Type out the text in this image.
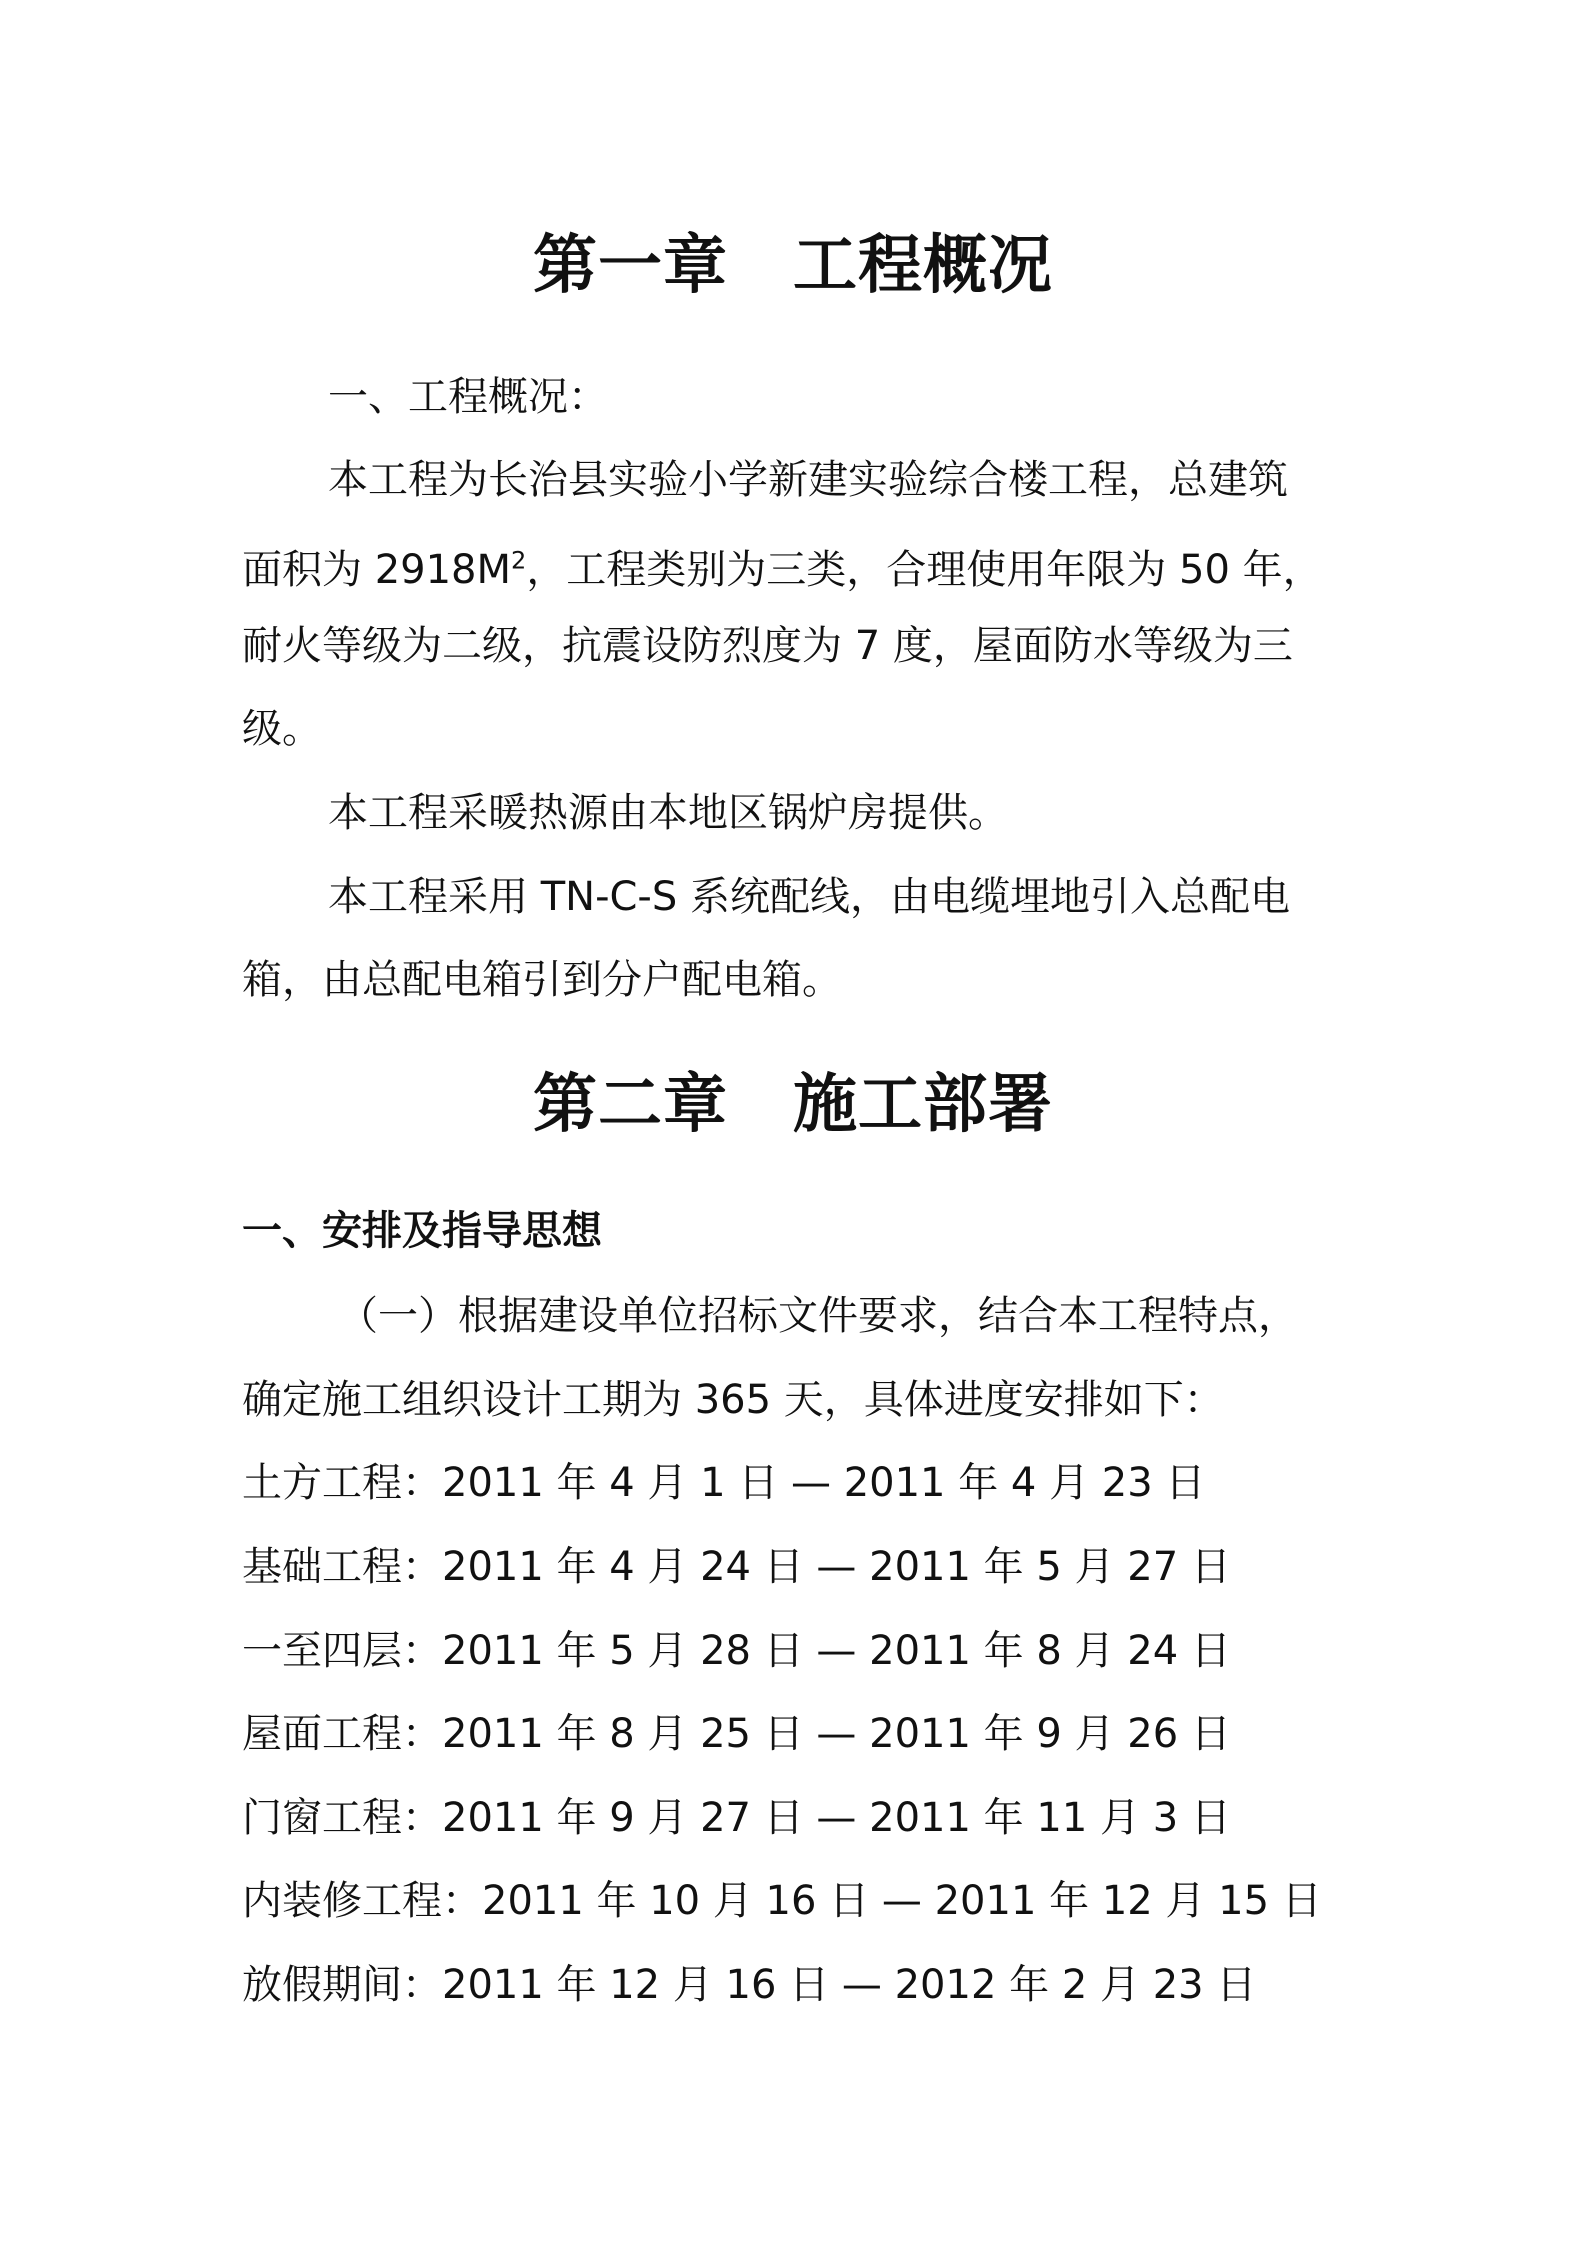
第一章　工程概况
一、工程概况：
本工程为长治县实验小学新建实验综合楼工程，总建筑
面积为 $2918M^2$，工程类别为三类，合理使用年限为 50 年，
耐火等级为二级，抗震设防烈度为 7 度，屋面防水等级为三
级。
本工程采暖热源由本地区锅炉房提供。
本工程采用 TN-C-S 系统配线，由电缆埋地引入总配电
箱，由总配电箱引到分户配电箱。
第二章　施工部署
一、安排及指导思想
（一）根据建设单位招标文件要求，结合本工程特点，
确定施工组织设计工期为 365 天，具体进度安排如下：
土方工程：2011 年 4 月 1 日 — 2011 年 4 月 23 日
基础工程：2011 年 4 月 24 日 — 2011 年 5 月 27 日
一至四层：2011 年 5 月 28 日 — 2011 年 8 月 24 日
屋面工程：2011 年 8 月 25 日 — 2011 年 9 月 26 日
门窗工程：2011 年 9 月 27 日 — 2011 年 11 月 3 日
内装修工程：2011 年 10 月 16 日 — 2011 年 12 月 15 日
放假期间：2011 年 12 月 16 日 — 2012 年 2 月 23 日
